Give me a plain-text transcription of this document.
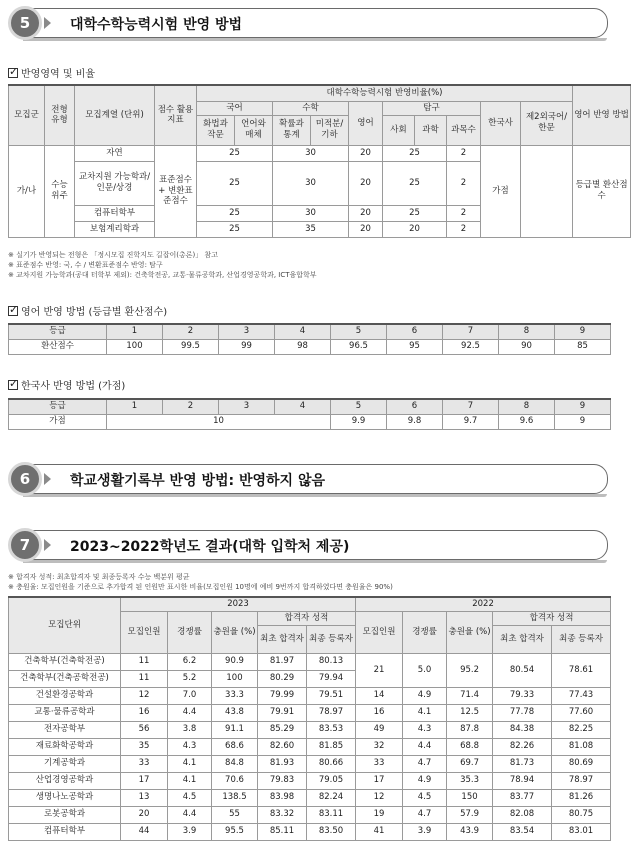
5	대학수학능력시험 반영 방법
✓
반영영역 및 비율
모집군	전형 유형	모집계열 (단위)	점수 활용 지표	대학수학능력시험 반영비율(%)										영어 반영 방법
				국어		수학		영어	탐구			한국사	제2외국어/한문	
				화법과 작문	언어와 매체	확률과 통계	미적분/기하		사회	과학	과목수			
가/나	수능 위주	자연	표준점수 + 변환표준점수	25		30		20	25		2	가점		등급별 환산점수
		교차지원 가능학과/ 인문/상경		25		30		20	25		2			
		컴퓨터학부		25		30		20	25		2			
		보험계리학과		25		35		20	20		2			
※ 실기가 반영되는 전형은 「정시모집 진학지도 길잡이(총론)」 참고
※ 표준점수 반영: 국, 수 / 변환표준점수 반영: 탐구
※ 교차지원 가능학과(공대 터학부 제외): 건축학전공, 교통·물류공학과, 산업경영공학과, ICT융합학부
✓
영어 반영 방법 (등급별 환산점수)
등급	1	2	3	4	5	6	7	8	9
환산점수	100	99.5	99	98	96.5	95	92.5	90	85
✓
한국사 반영 방법 (가점)
등급	1	2	3	4	5	6	7	8	9
가점	10				9.9	9.8	9.7	9.6	9
6	학교생활기록부 반영 방법: 반영하지 않음
7	2023~2022학년도 결과(대학 입학처 제공)
※ 합격자 성적: 최초합격자 및 최종등록자 수능 백분위 평균
※ 충원율: 모집인원을 기준으로 추가합격 된 인원만 표시한 비율(모집인원 10명에 예비 9번까지 합격하였다면 충원율은 90%)
모집단위	2023					2022				
	모집인원	경쟁률	충원율 (%)	합격자 성적		모집인원	경쟁률	충원율 (%)	합격자 성적	
				최초 합격자	최종 등록자				최초 합격자	최종 등록자
건축학부(건축학전공)	11	6.2	90.9	81.97	80.13	21	5.0	95.2	80.54	78.61
건축학부(건축공학전공)	11	5.2	100	80.29	79.94					
건설환경공학과	12	7.0	33.3	79.99	79.51	14	4.9	71.4	79.33	77.43
교통·물류공학과	16	4.4	43.8	79.91	78.97	16	4.1	12.5	77.78	77.60
전자공학부	56	3.8	91.1	85.29	83.53	49	4.3	87.8	84.38	82.25
재료화학공학과	35	4.3	68.6	82.60	81.85	32	4.4	68.8	82.26	81.08
기계공학과	33	4.1	84.8	81.93	80.66	33	4.7	69.7	81.73	80.69
산업경영공학과	17	4.1	70.6	79.83	79.05	17	4.9	35.3	78.94	78.97
생명나노공학과	13	4.5	138.5	83.98	82.24	12	4.5	150	83.77	81.26
로봇공학과	20	4.4	55	83.32	83.11	19	4.7	57.9	82.08	80.75
컴퓨터학부	44	3.9	95.5	85.11	83.50	41	3.9	43.9	83.54	83.01
